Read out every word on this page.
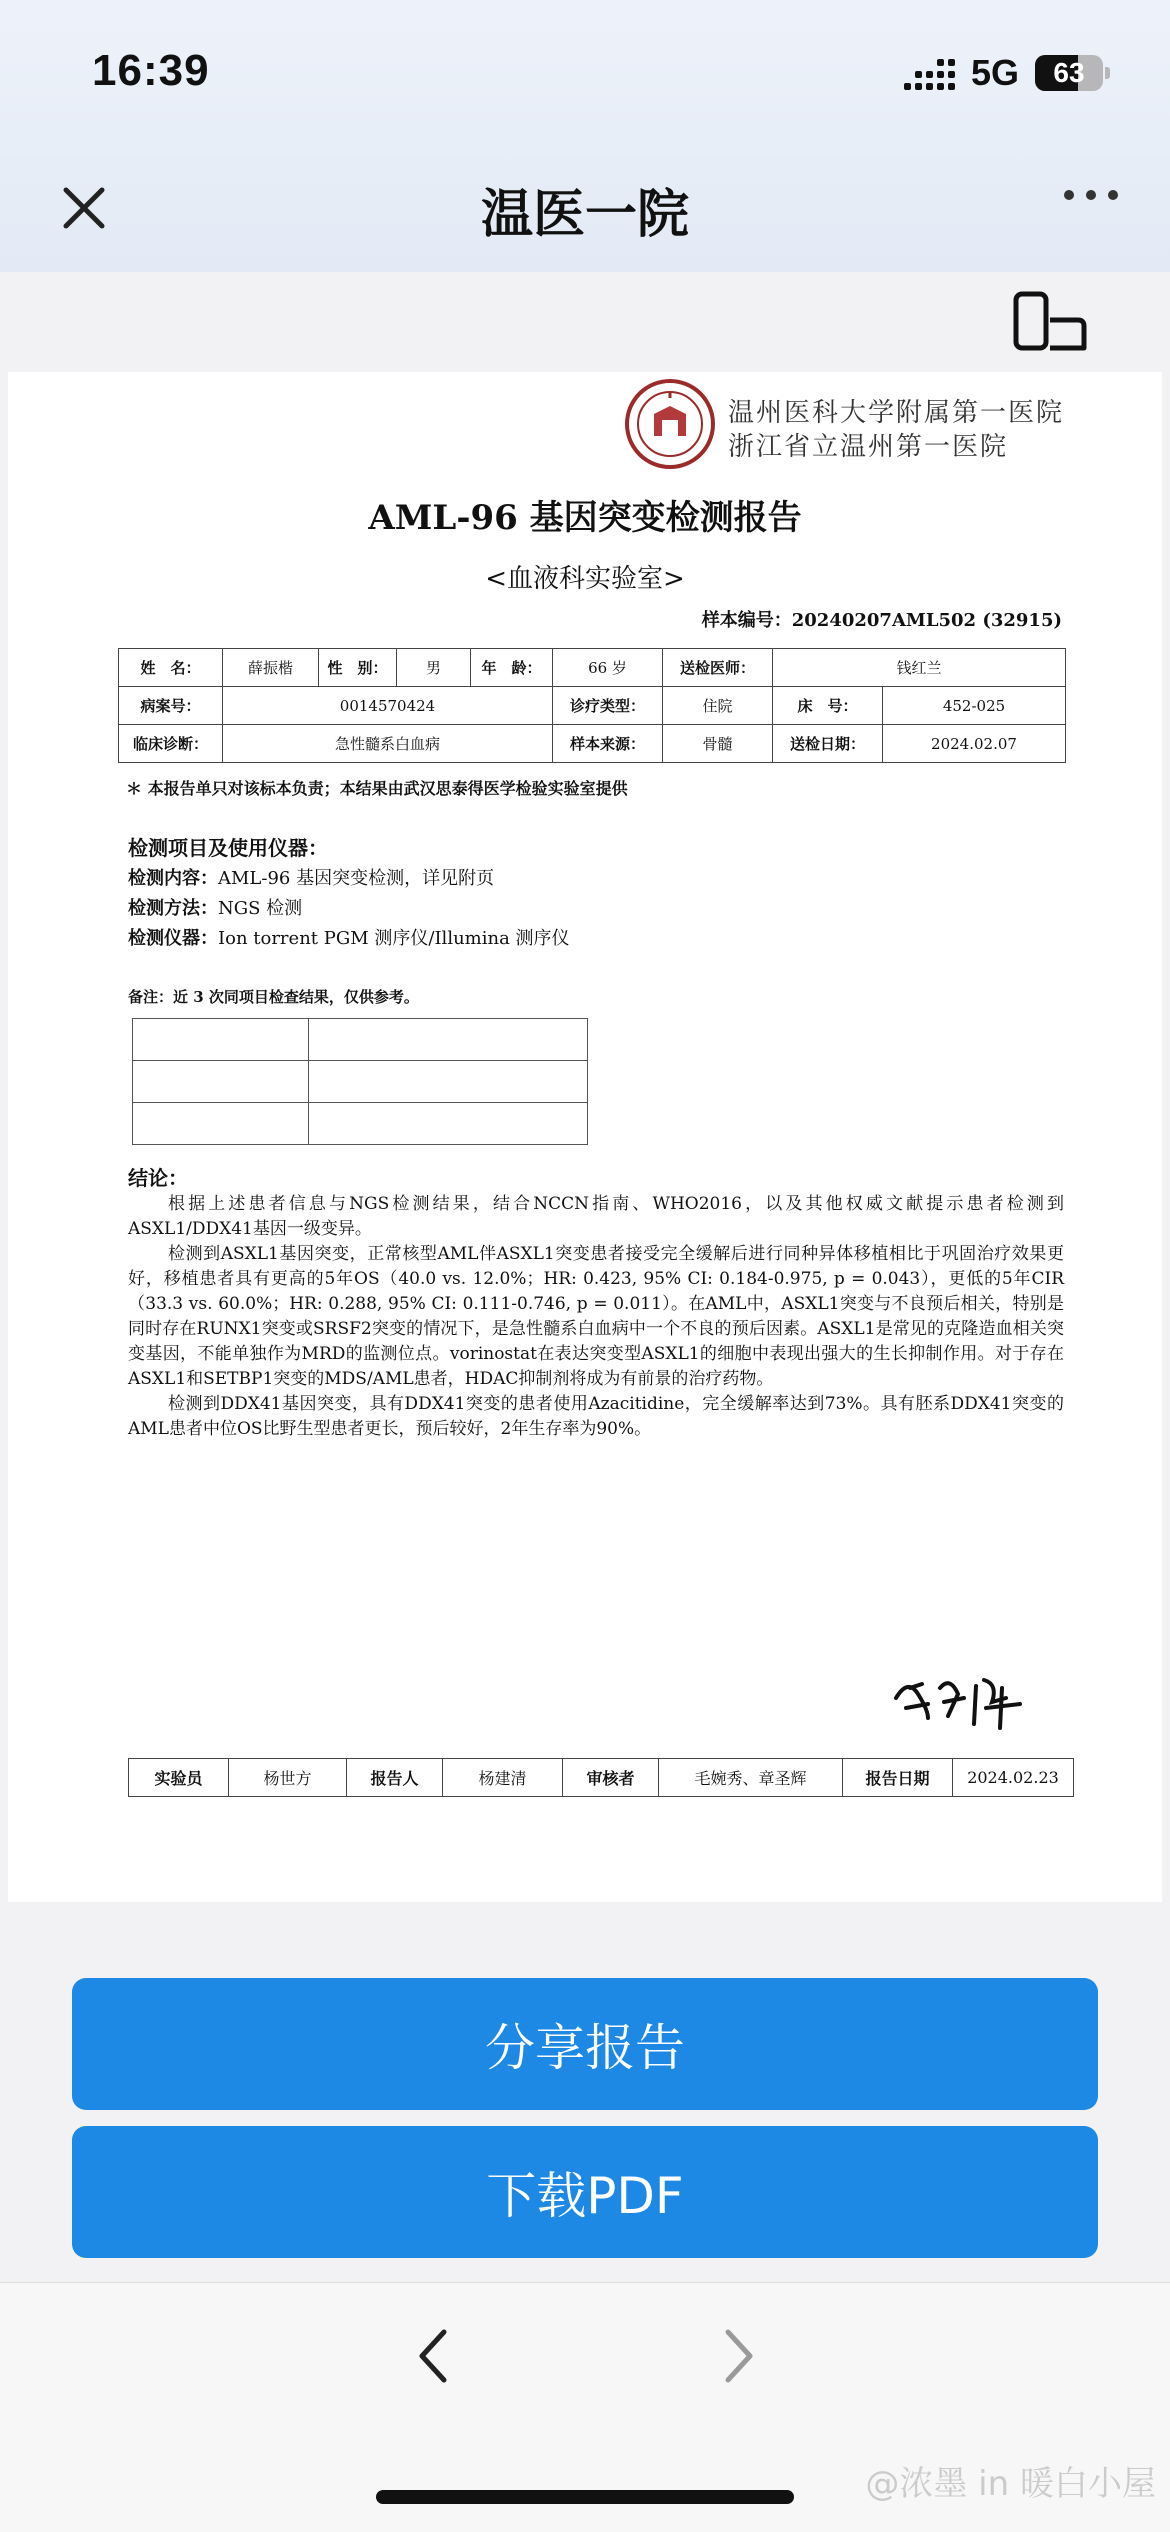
16:39	5G	63
温医一院
温州医科大学附属第一医院
浙江省立温州第一医院
AML-96 基因突变检测报告
<血液科实验室>
样本编号：20240207AML502 (32915)
姓　名：	薛振楷	性　别：	男	年　龄：	66 岁	送检医师：	钱红兰	
病案号：	0014570424				诊疗类型：	住院	床　号：	452-025
临床诊断：	急性髓系白血病				样本来源：	骨髓	送检日期：	2024.02.07
＊ 本报告单只对该标本负责；本结果由武汉思泰得医学检验实验室提供
检测项目及使用仪器：
检测内容：AML-96 基因突变检测，详见附页
检测方法：NGS 检测
检测仪器：Ion torrent PGM 测序仪/Illumina 测序仪
备注：近 3 次同项目检查结果，仅供参考。

结论：

根据上述患者信息与NGS检测结果，结合NCCN指南、WHO2016，以及其他权威文献提示患者检测到ASXL1/DDX41基因一级变异。

检测到ASXL1基因突变，正常核型AML伴ASXL1突变患者接受完全缓解后进行同种异体移植相比于巩固治疗效果更好，移植患者具有更高的5年OS（40.0 vs. 12.0%；HR: 0.423, 95% CI: 0.184-0.975, p = 0.043），更低的5年CIR（33.3 vs. 60.0%；HR: 0.288, 95% CI: 0.111-0.746, p = 0.011）。在AML中，ASXL1突变与不良预后相关，特别是同时存在RUNX1突变或SRSF2突变的情况下，是急性髓系白血病中一个不良的预后因素。ASXL1是常见的克隆造血相关突变基因，不能单独作为MRD的监测位点。vorinostat在表达突变型ASXL1的细胞中表现出强大的生长抑制作用。对于存在ASXL1和SETBP1突变的MDS/AML患者，HDAC抑制剂将成为有前景的治疗药物。

检测到DDX41基因突变，具有DDX41突变的患者使用Azacitidine，完全缓解率达到73%。具有胚系DDX41突变的AML患者中位OS比野生型患者更长，预后较好，2年生存率为90%。

实验员	杨世方	报告人	杨建清	审核者	毛婉秀、章圣辉	报告日期	2024.02.23
分享报告
下载PDF
@浓墨 in 暖白小屋
